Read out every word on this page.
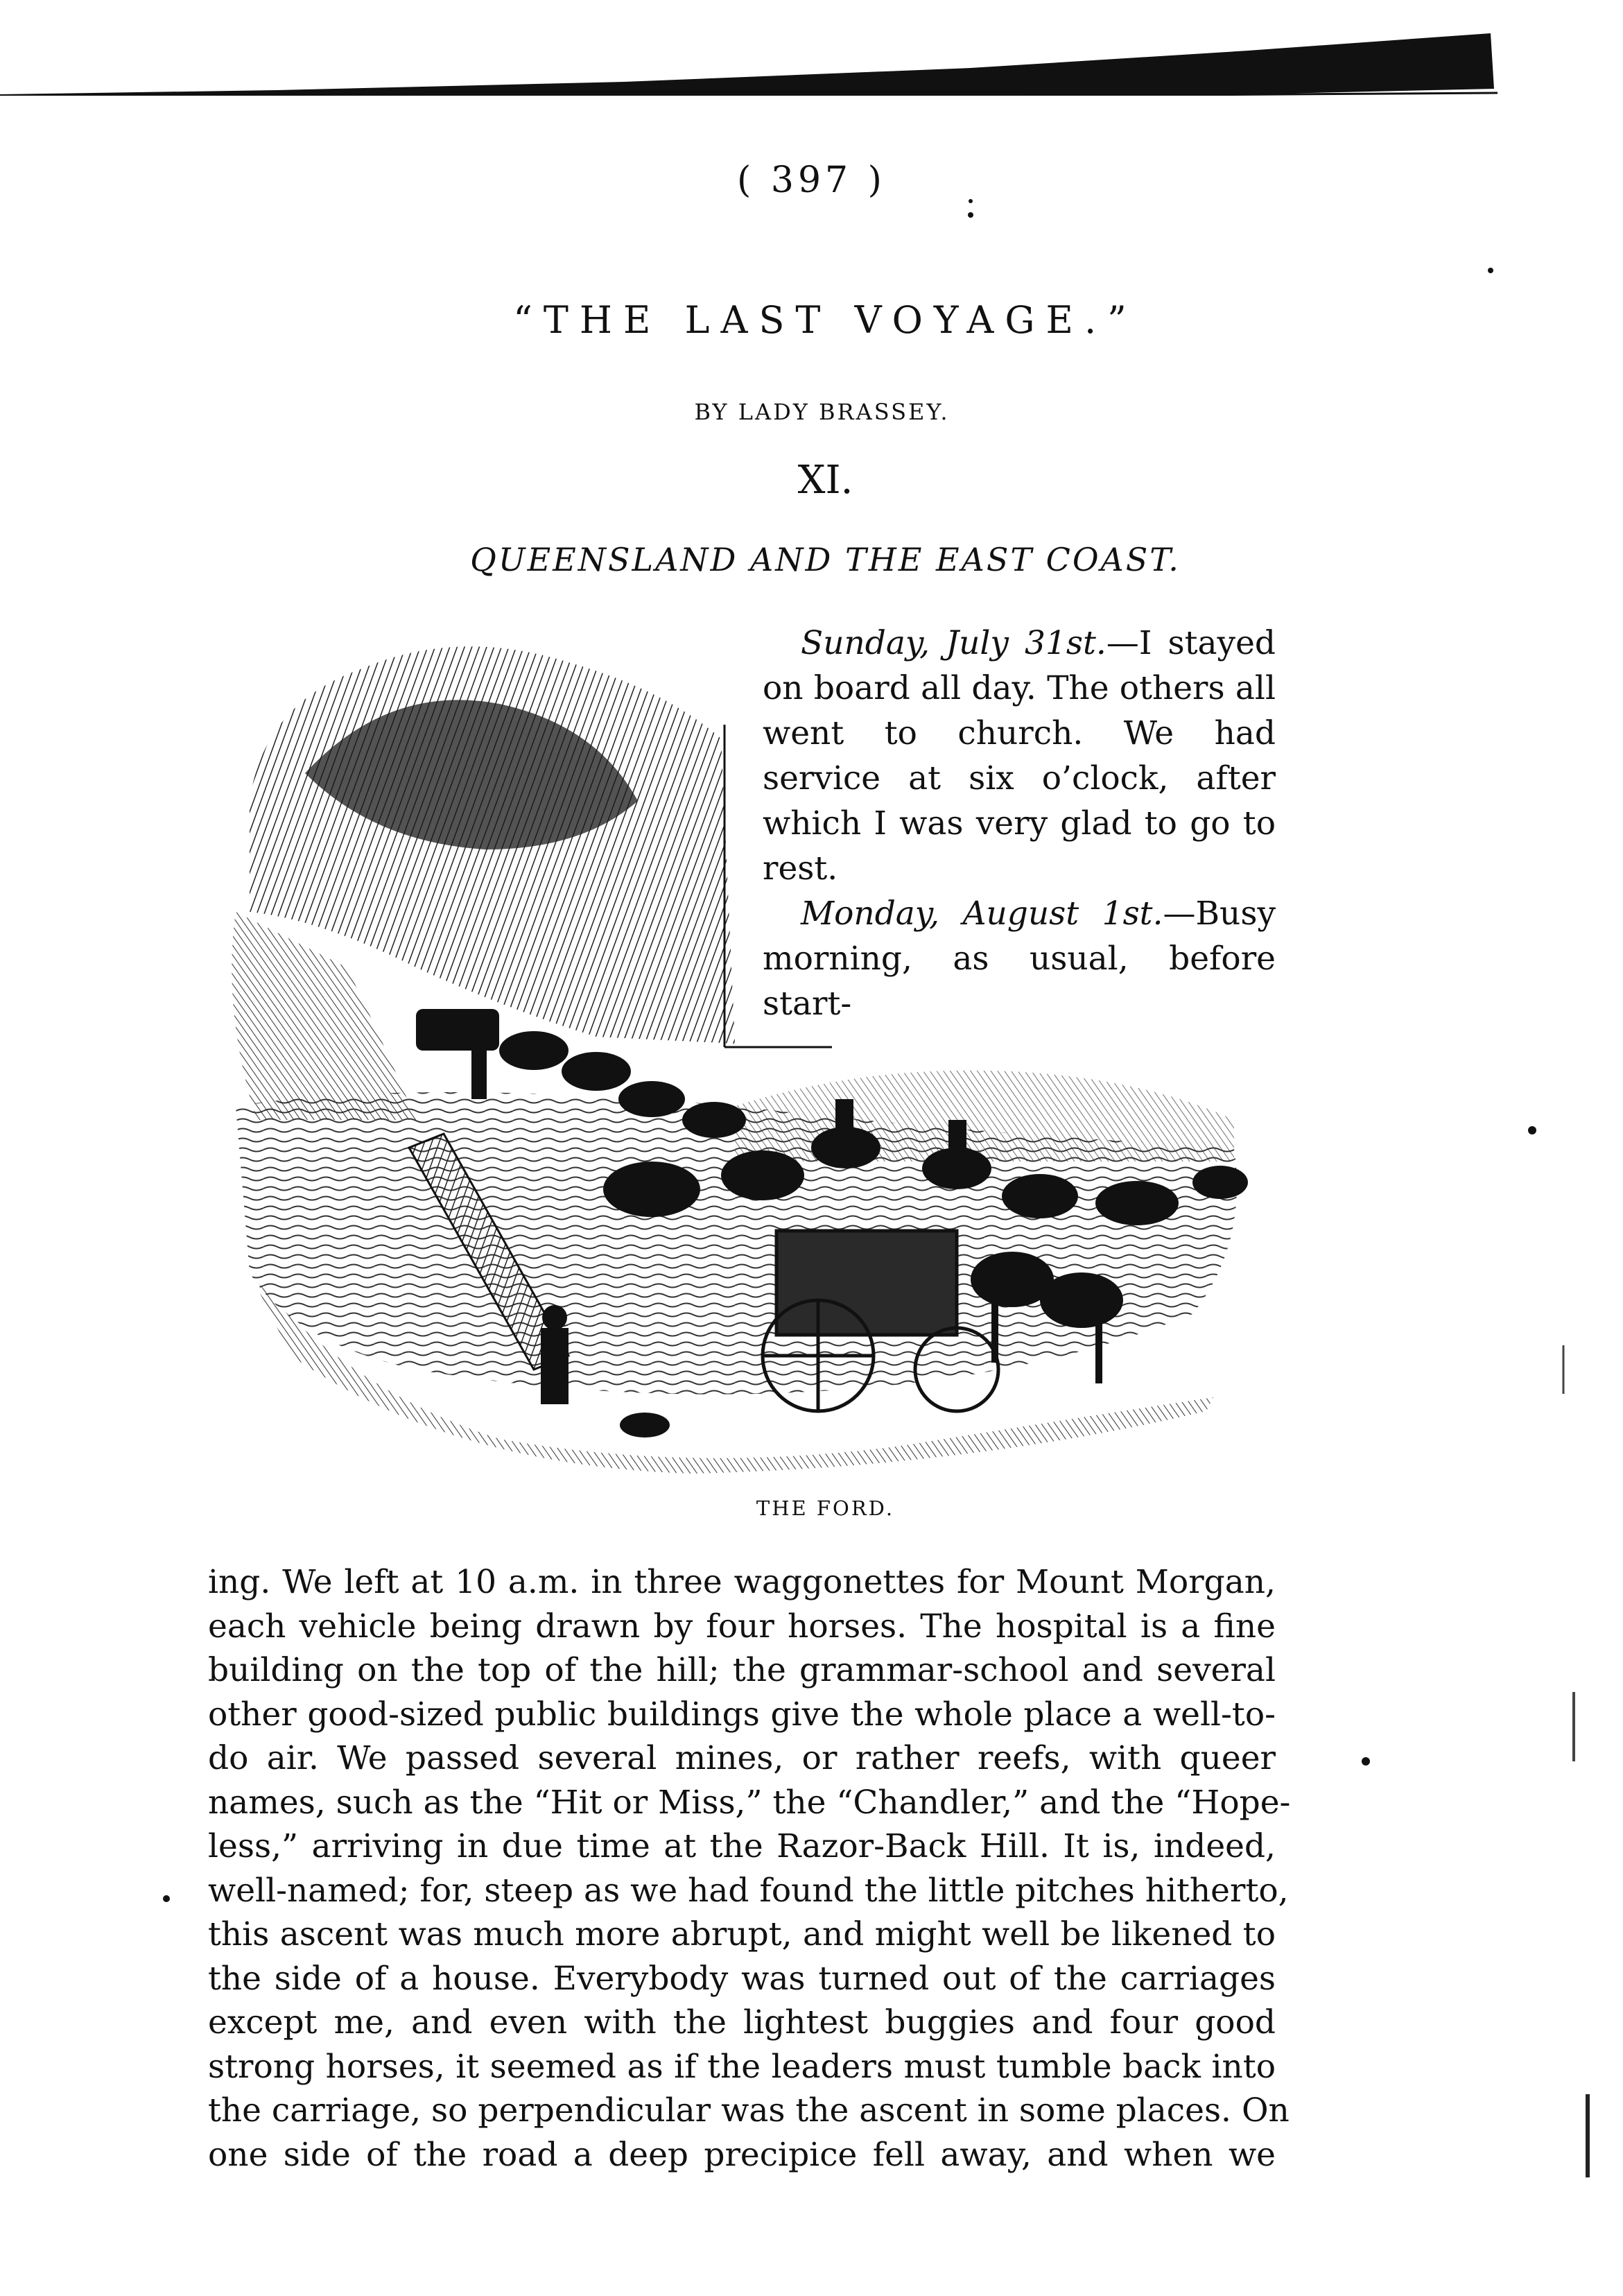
( 397 )
“THE LAST VOYAGE.”
BY LADY BRASSEY.
XI.
QUEENSLAND AND THE EAST COAST.

Sunday, July 31st.—I stayed on board all day. The others all went to church. We had service at six o’clock, after which I was very glad to go to rest.

Monday, August 1st.—Busy morning, as usual, before start-

THE FORD.
ing. We left at 10 a.m. in three waggonettes for Mount Morgan,
each vehicle being drawn by four horses. The hospital is a fine
building on the top of the hill; the grammar-school and several
other good-sized public buildings give the whole place a well-to-
do air. We passed several mines, or rather reefs, with queer
names, such as the “Hit or Miss,” the “Chandler,” and the “Hope-
less,” arriving in due time at the Razor-Back Hill. It is, indeed,
well-named; for, steep as we had found the little pitches hitherto,
this ascent was much more abrupt, and might well be likened to
the side of a house. Everybody was turned out of the carriages
except me, and even with the lightest buggies and four good
strong horses, it seemed as if the leaders must tumble back into
the carriage, so perpendicular was the ascent in some places. On
one side of the road a deep precipice fell away, and when we
